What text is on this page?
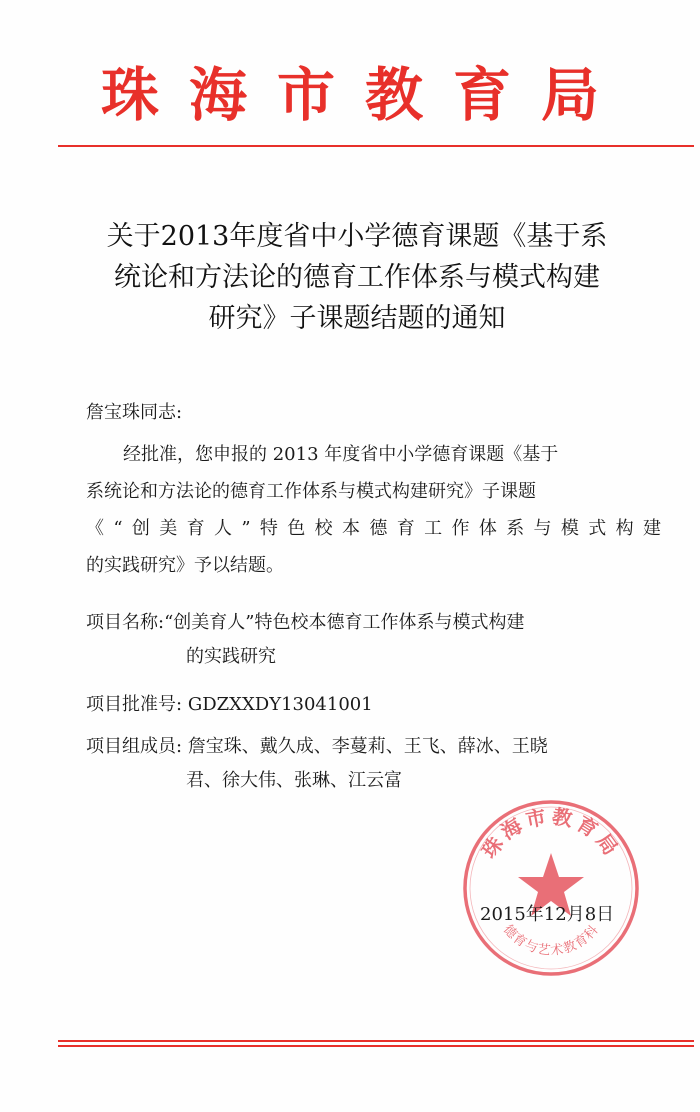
珠海市教育局
关于2013年度省中小学德育课题《基于系
统论和方法论的德育工作体系与模式构建
研究》子课题结题的通知
詹宝珠同志:
经批准，您申报的 2013 年度省中小学德育课题《基于
系统论和方法论的德育工作体系与模式构建研究》子课题
《“创美育人”特色校本德育工作体系与模式构建
的实践研究》予以结题。
项目名称:“创美育人”特色校本德育工作体系与模式构建
的实践研究
项目批准号: GDZXXDY13041001
项目组成员: 詹宝珠、戴久成、李蔓莉、王飞、薛冰、王晓
君、徐大伟、张琳、江云富
珠海市教育局
德育与艺术教育科
2015年12月8日
